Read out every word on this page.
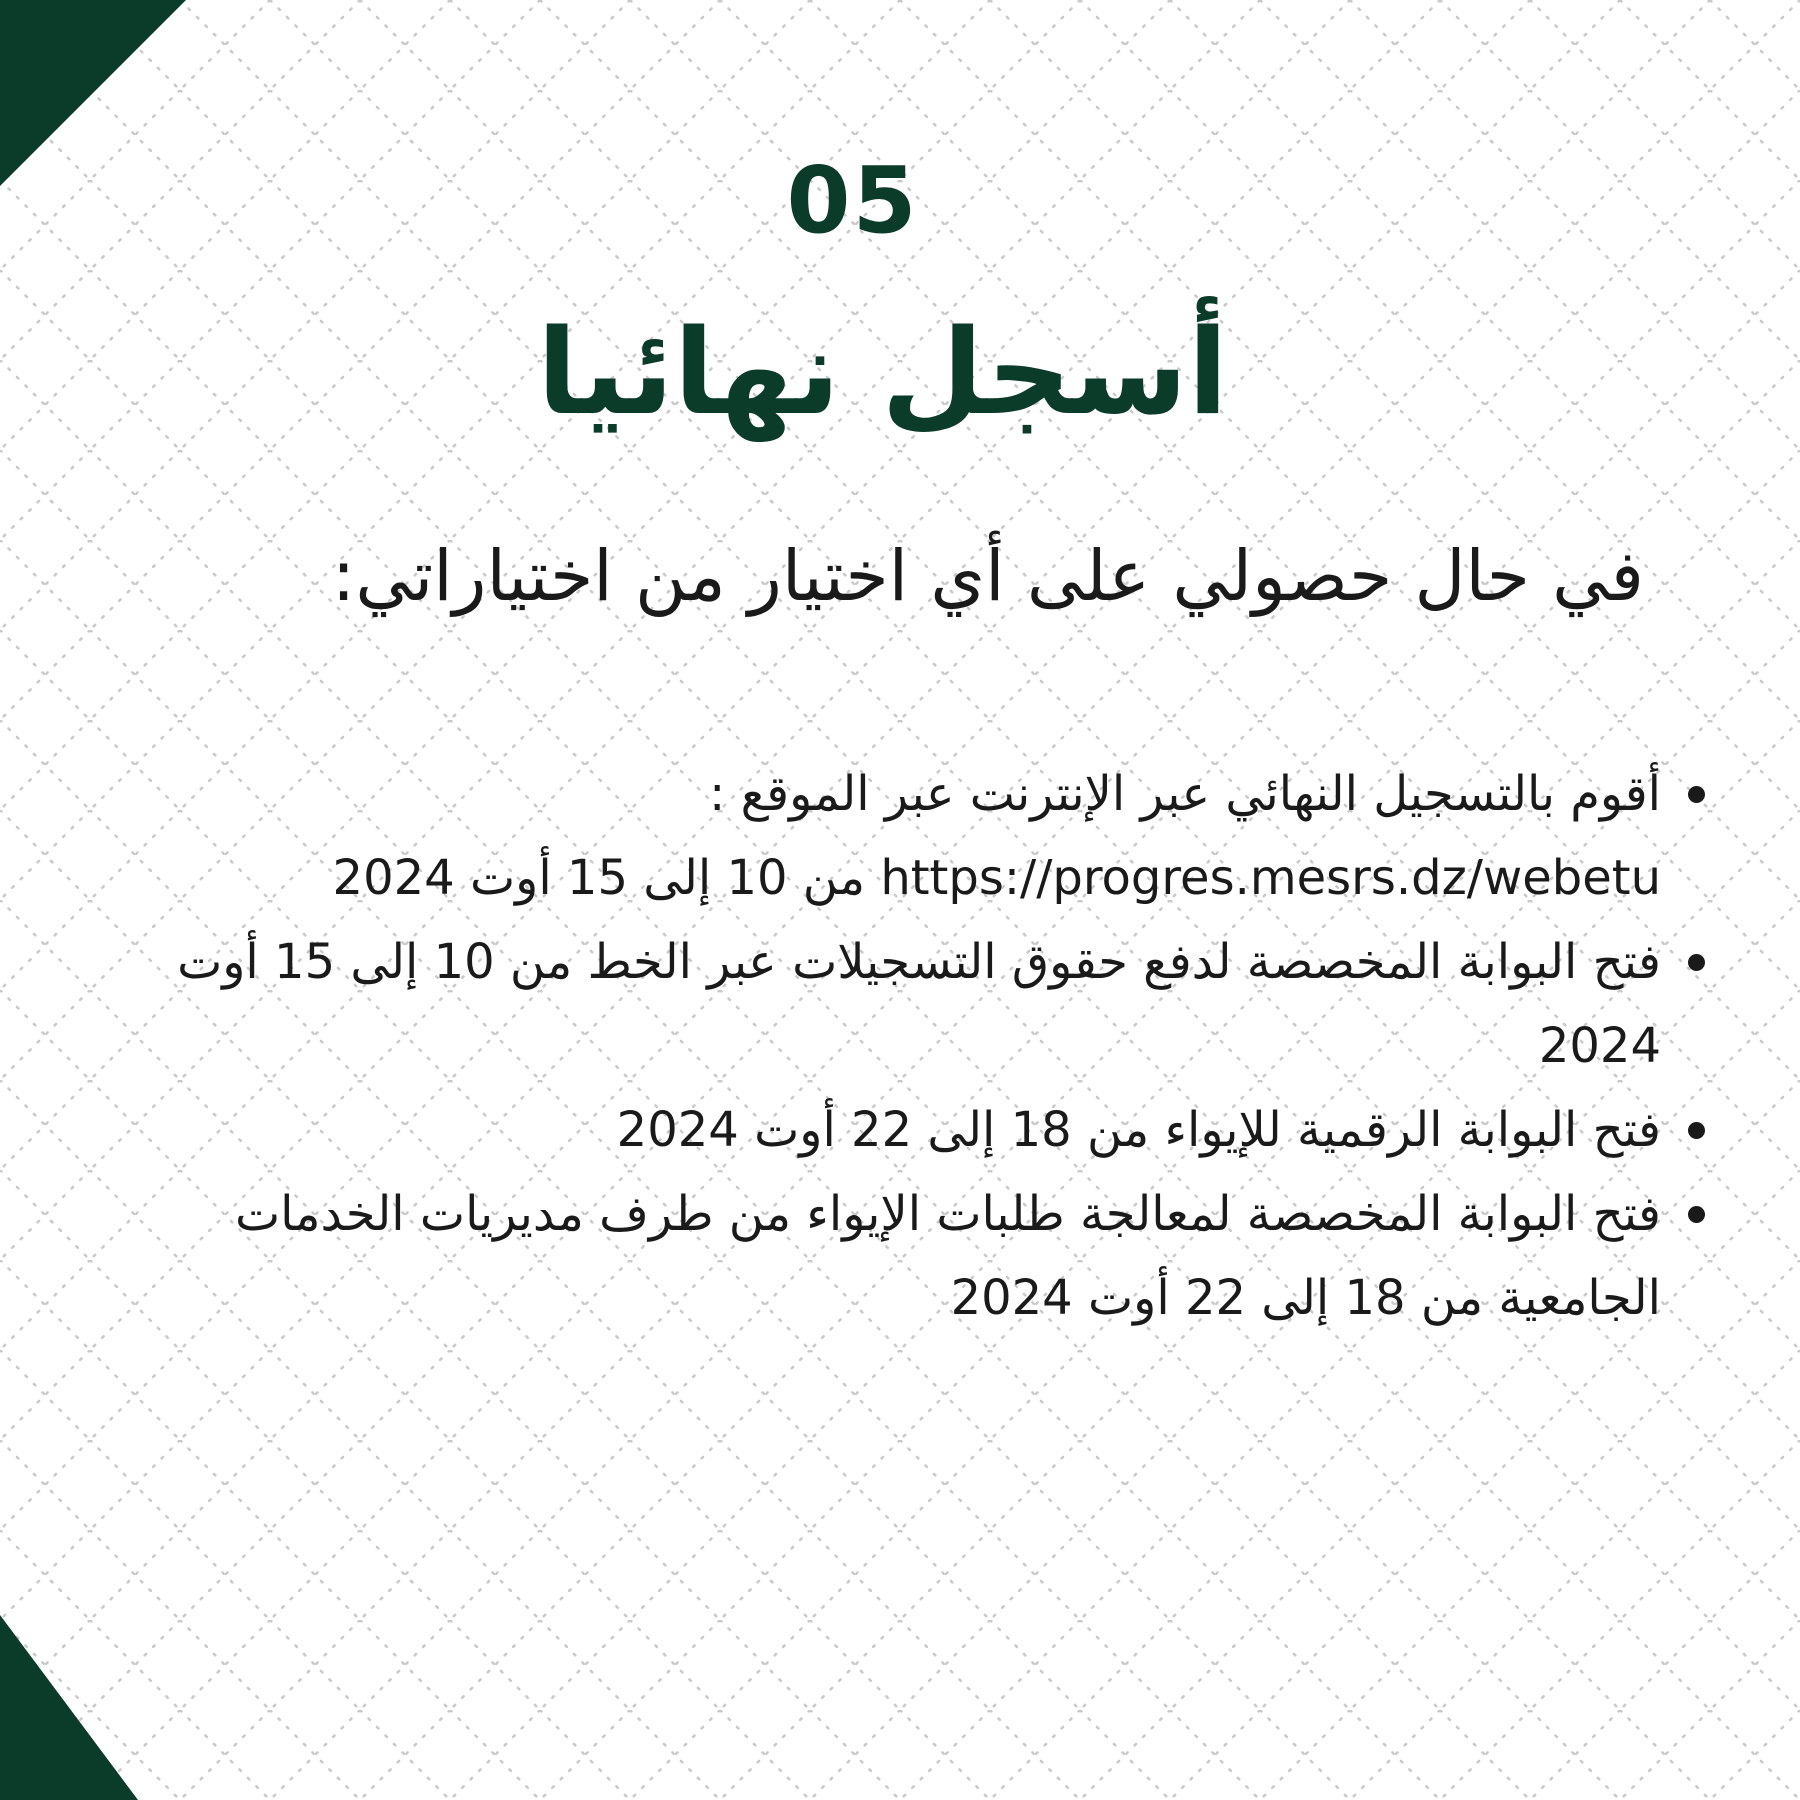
05
أسجل نهائيا
في حال حصولي على أي اختيار من اختياراتي:
أقوم بالتسجيل النهائي عبر الإنترنت عبر الموقع : https://progres.mesrs.dz/webetu من 10 إلى 15 أوت 2024
فتح البوابة المخصصة لدفع حقوق التسجيلات عبر الخط من 10 إلى 15 أوت 2024
فتح البوابة الرقمية للإيواء من 18 إلى 22 أوت 2024
فتح البوابة المخصصة لمعالجة طلبات الإيواء من طرف مديريات الخدمات الجامعية من 18 إلى 22 أوت 2024
